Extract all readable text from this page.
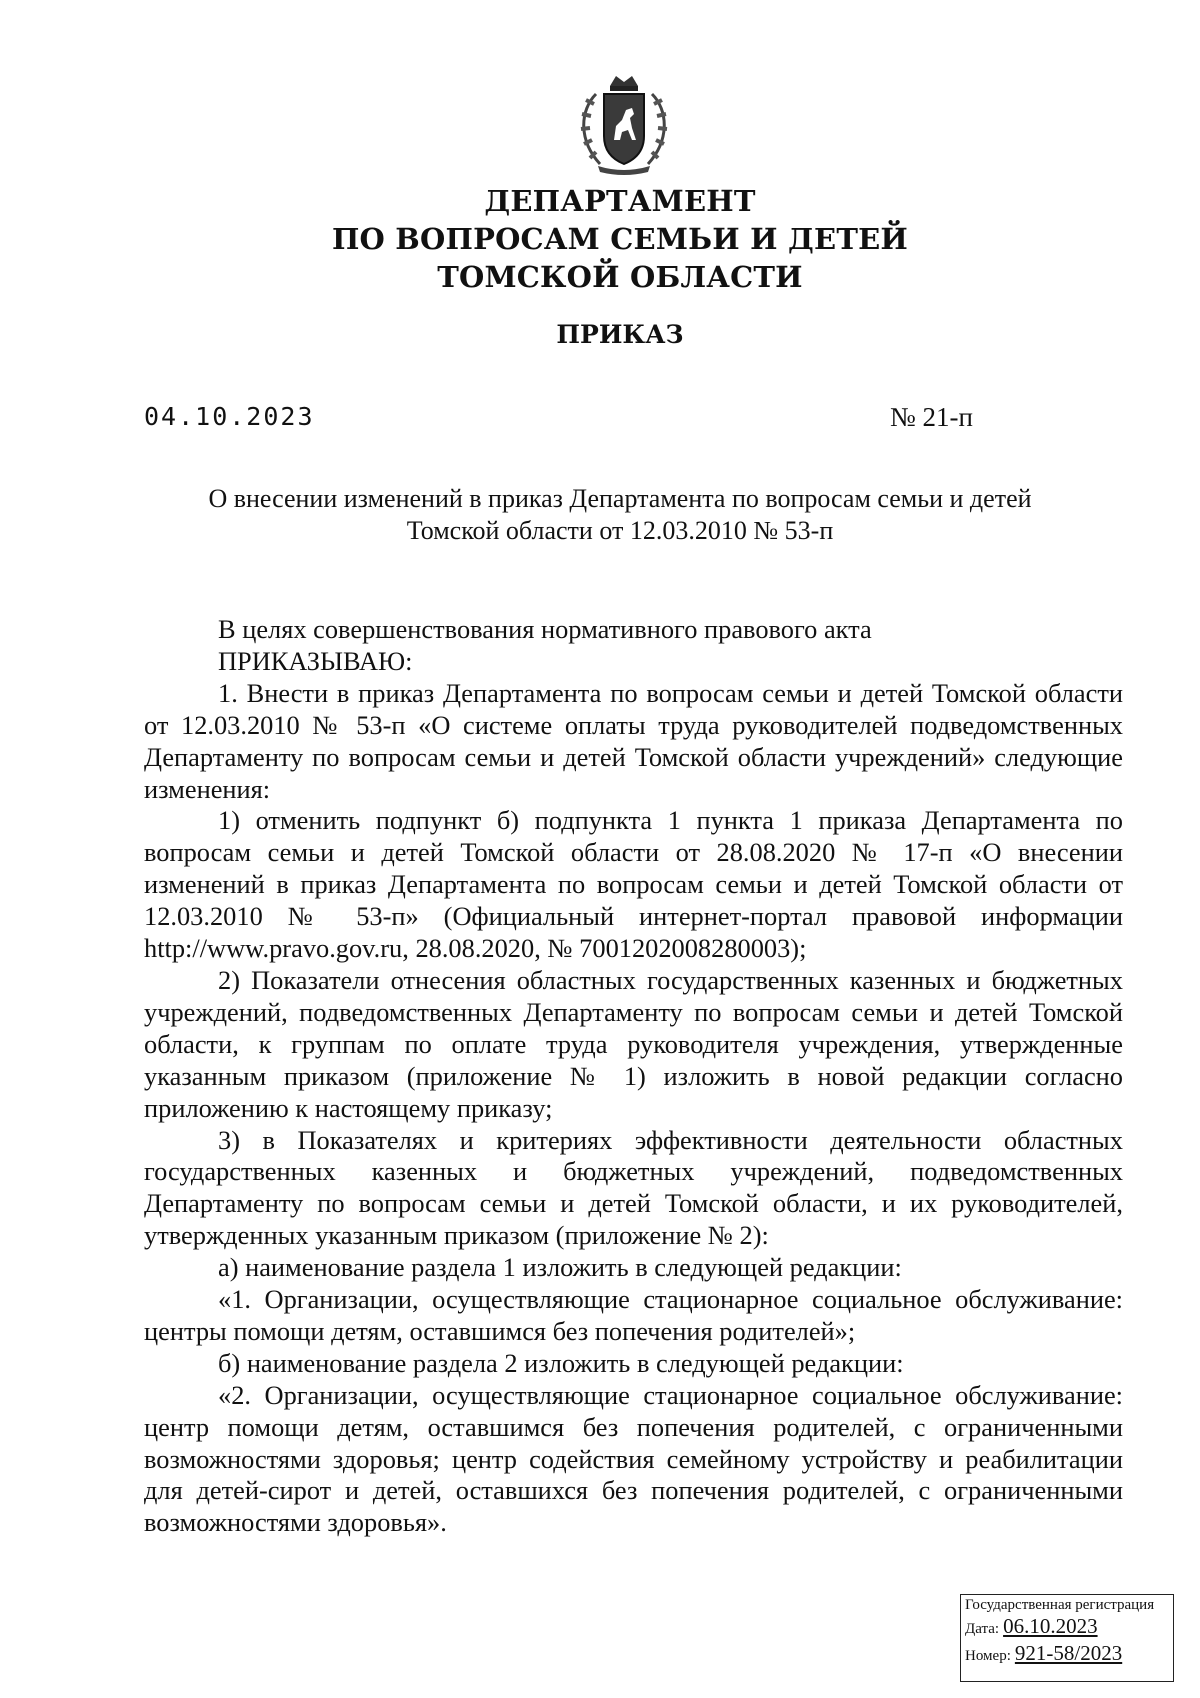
ДЕПАРТАМЕНТ
ПО ВОПРОСАМ СЕМЬИ И ДЕТЕЙ
ТОМСКОЙ ОБЛАСТИ
ПРИКАЗ
04.10.2023	№ 21-п
О внесении изменений в приказ Департамента по вопросам семьи и детей
Томской области от 12.03.2010 № 53-п

В целях совершенствования нормативного правового акта

ПРИКАЗЫВАЮ:

1. Внести в приказ Департамента по вопросам семьи и детей Томской области от 12.03.2010 № 53-п «О системе оплаты труда руководителей подведомственных Департаменту по вопросам семьи и детей Томской области учреждений» следующие изменения:

1) отменить подпункт б) подпункта 1 пункта 1 приказа Департамента по вопросам семьи и детей Томской области от 28.08.2020 № 17-п «О внесении изменений в приказ Департамента по вопросам семьи и детей Томской области от 12.03.2010 № 53-п» (Официальный интернет-портал правовой информации http://www.pravo.gov.ru, 28.08.2020, № 7001202008280003);

2) Показатели отнесения областных государственных казенных и бюджетных учреждений, подведомственных Департаменту по вопросам семьи и детей Томской области, к группам по оплате труда руководителя учреждения, утвержденные указанным приказом (приложение № 1) изложить в новой редакции согласно приложению к настоящему приказу;

3) в Показателях и критериях эффективности деятельности областных государственных казенных и бюджетных учреждений, подведомственных Департаменту по вопросам семьи и детей Томской области, и их руководителей, утвержденных указанным приказом (приложение № 2):

а) наименование раздела 1 изложить в следующей редакции:

«1. Организации, осуществляющие стационарное социальное обслуживание: центры помощи детям, оставшимся без попечения родителей»;

б) наименование раздела 2 изложить в следующей редакции:

«2. Организации, осуществляющие стационарное социальное обслуживание: центр помощи детям, оставшимся без попечения родителей, с ограниченными возможностями здоровья; центр содействия семейному устройству и реабилитации для детей-сирот и детей, оставшихся без попечения родителей, с ограниченными возможностями здоровья».

Государственная регистрация
Дата: 06.10.2023
Номер: 921-58/2023
